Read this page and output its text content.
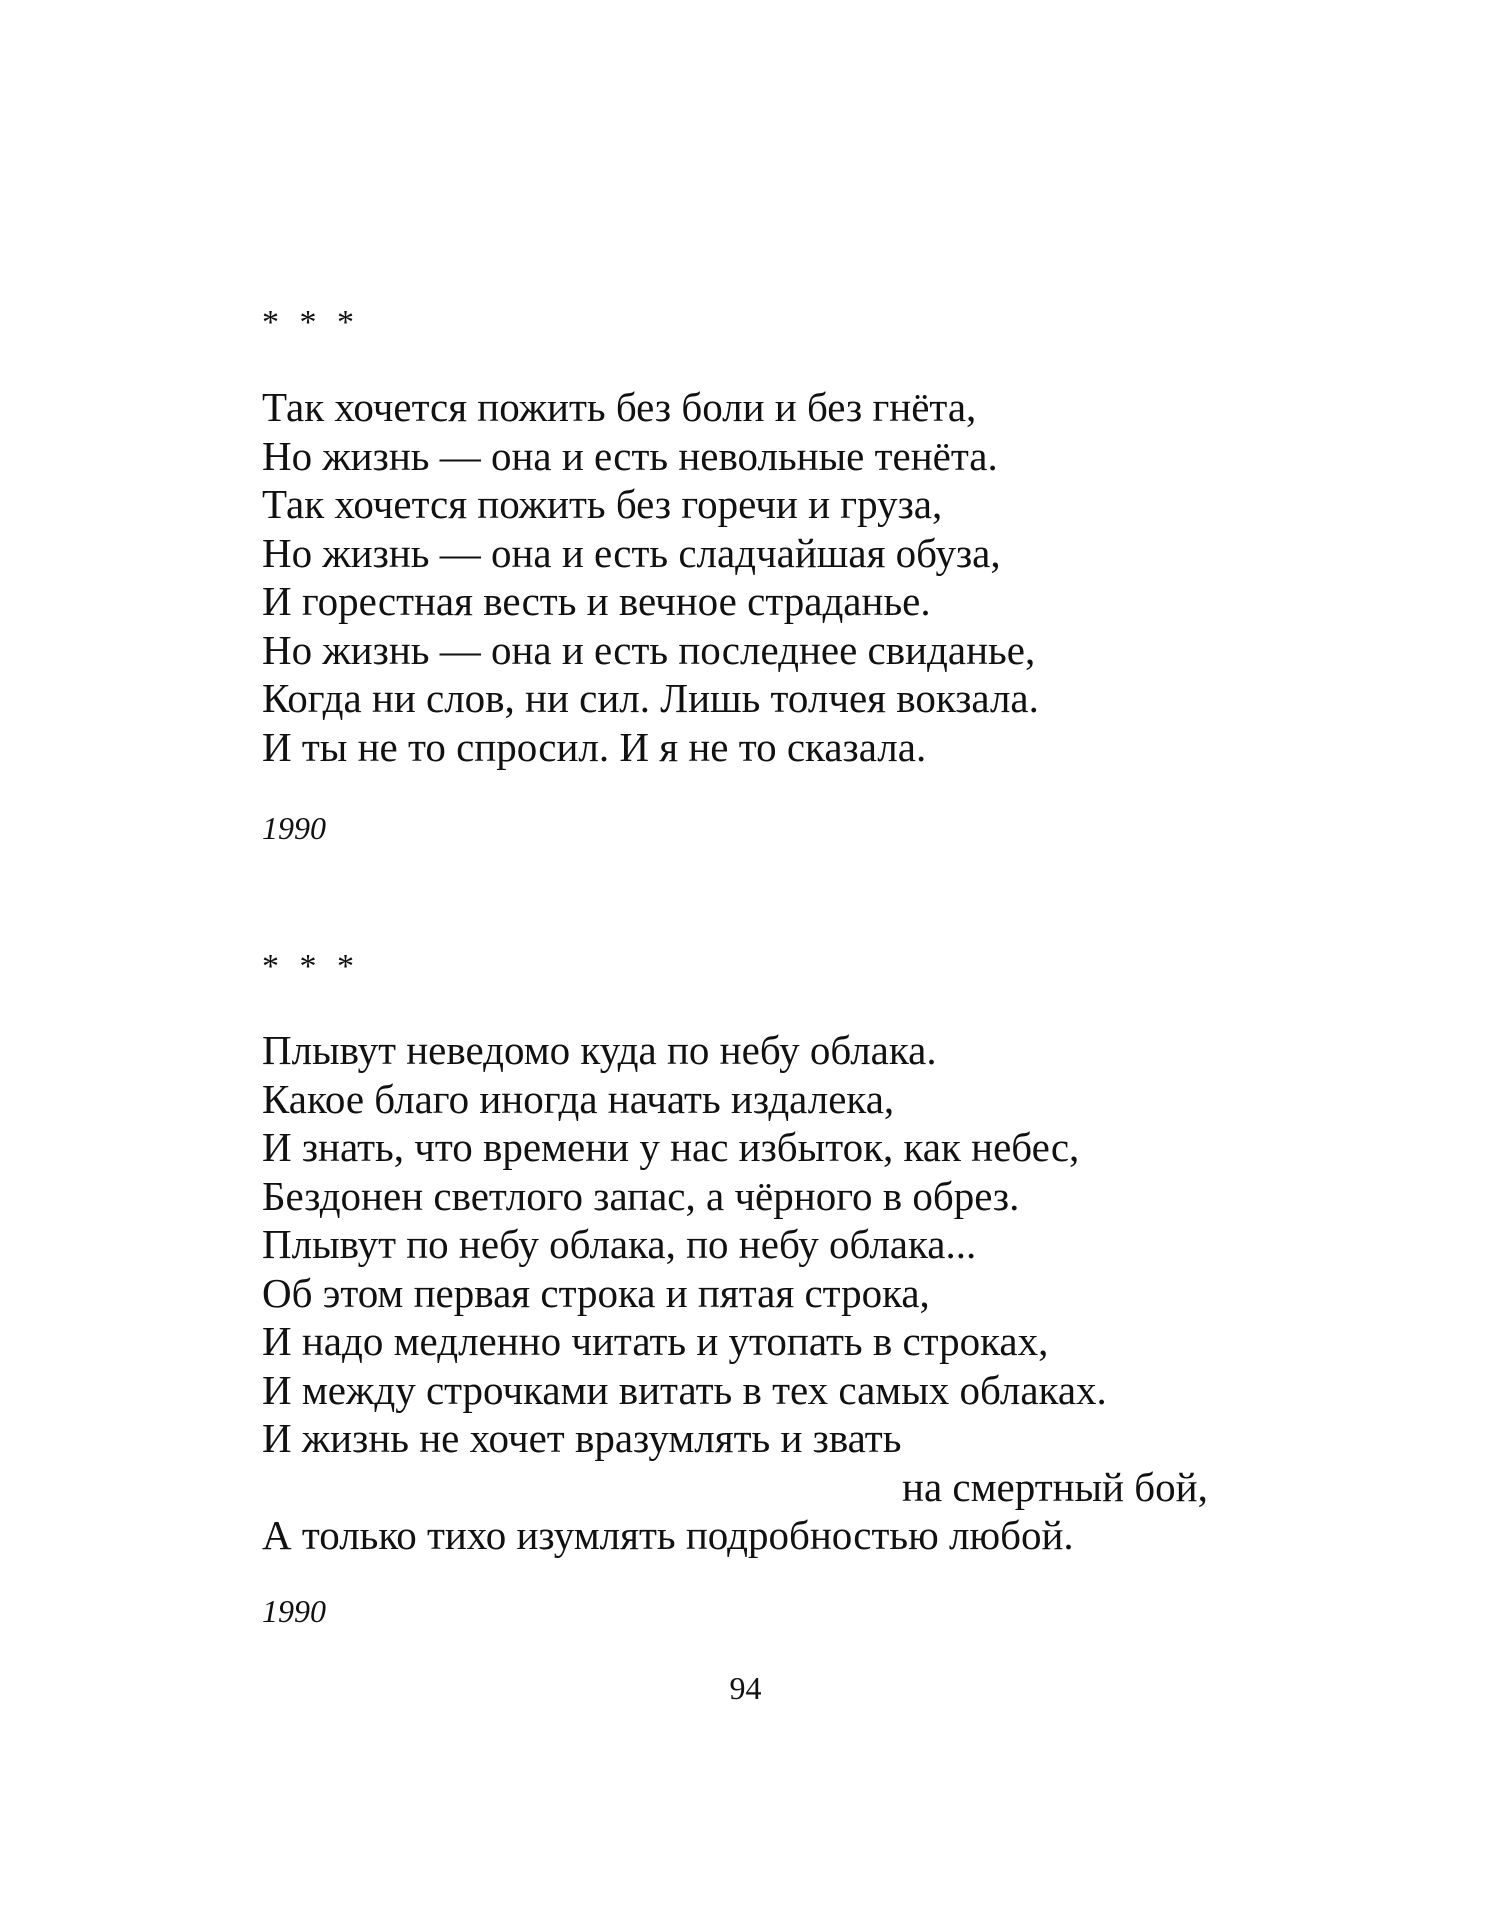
* * *
Так хочется пожить без боли и без гнёта,
Но жизнь — она и есть невольные тенёта.
Так хочется пожить без горечи и груза,
Но жизнь — она и есть сладчайшая обуза,
И горестная весть и вечное страданье.
Но жизнь — она и есть последнее свиданье,
Когда ни слов, ни сил. Лишь толчея вокзала.
И ты не то спросил. И я не то сказала.
1990
* * *
Плывут неведомо куда по небу облака.
Какое благо иногда начать издалека,
И знать, что времени у нас избыток, как небес,
Бездонен светлого запас, а чёрного в обрез.
Плывут по небу облака, по небу облака...
Об этом первая строка и пятая строка,
И надо медленно читать и утопать в строках,
И между строчками витать в тех самых облаках.
И жизнь не хочет вразумлять и звать
на смертный бой,
А только тихо изумлять подробностью любой.
1990
94
